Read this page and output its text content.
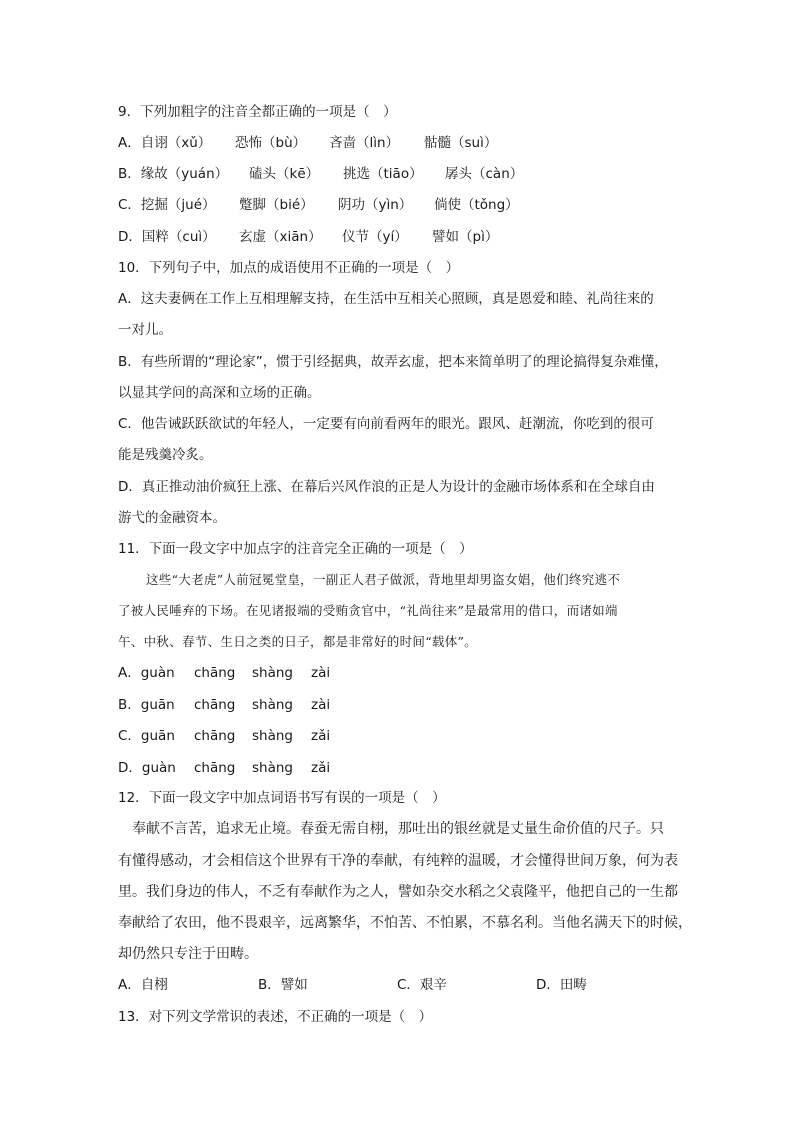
9．下列加粗字的注音全都正确的一项是（　）
A．自诩（xǔ） 恐怖（bù） 吝啬（lìn） 骷髓（suì）
B．缘故（yuán） 磕头（kē） 挑选（tiāo） 孱头（càn）
C．挖掘（jué） 蹩脚（bié） 阴功（yìn） 倘使（tǒng）
D．国粹（cuì） 玄虚（xiān） 仪节（yí） 譬如（pì）
10．下列句子中，加点的成语使用不正确的一项是（　）
A．这夫妻俩在工作上互相理解支持，在生活中互相关心照顾，真是恩爱和睦、礼尚往来的
一对儿。
B．有些所谓的“理论家”，惯于引经据典，故弄玄虚，把本来简单明了的理论搞得复杂难懂，
以显其学问的高深和立场的正确。
C．他告诫跃跃欲试的年轻人，一定要有向前看两年的眼光。跟风、赶潮流，你吃到的很可
能是残羹冷炙。
D．真正推动油价疯狂上涨、在幕后兴风作浪的正是人为设计的金融市场体系和在全球自由
游弋的金融资本。
11．下面一段文字中加点字的注音完全正确的一项是（　）
这些“大老虎”人前冠冕堂皇，一副正人君子做派，背地里却男盗女娼，他们终究逃不
了被人民唾弃的下场。在见诸报端的受贿贪官中，“礼尚往来”是最常用的借口，而诸如端
午、中秋、春节、生日之类的日子，都是非常好的时间“载体”。
A．guàn chāng shàng zài
B．guān chāng shàng zài
C．guān chāng shàng zǎi
D．guàn chāng shàng zǎi
12．下面一段文字中加点词语书写有误的一项是（　）
奉献不言苦，追求无止境。春蚕无需自栩，那吐出的银丝就是丈量生命价值的尺子。只
有懂得感动，才会相信这个世界有干净的奉献，有纯粹的温暖，才会懂得世间万象，何为表
里。我们身边的伟人，不乏有奉献作为之人，譬如杂交水稻之父袁隆平，他把自己的一生都
奉献给了农田，他不畏艰辛，远离繁华，不怕苦、不怕累，不慕名利。当他名满天下的时候，
却仍然只专注于田畴。
A．自栩	B．譬如	C．艰辛	D．田畴
13．对下列文学常识的表述，不正确的一项是（　）
